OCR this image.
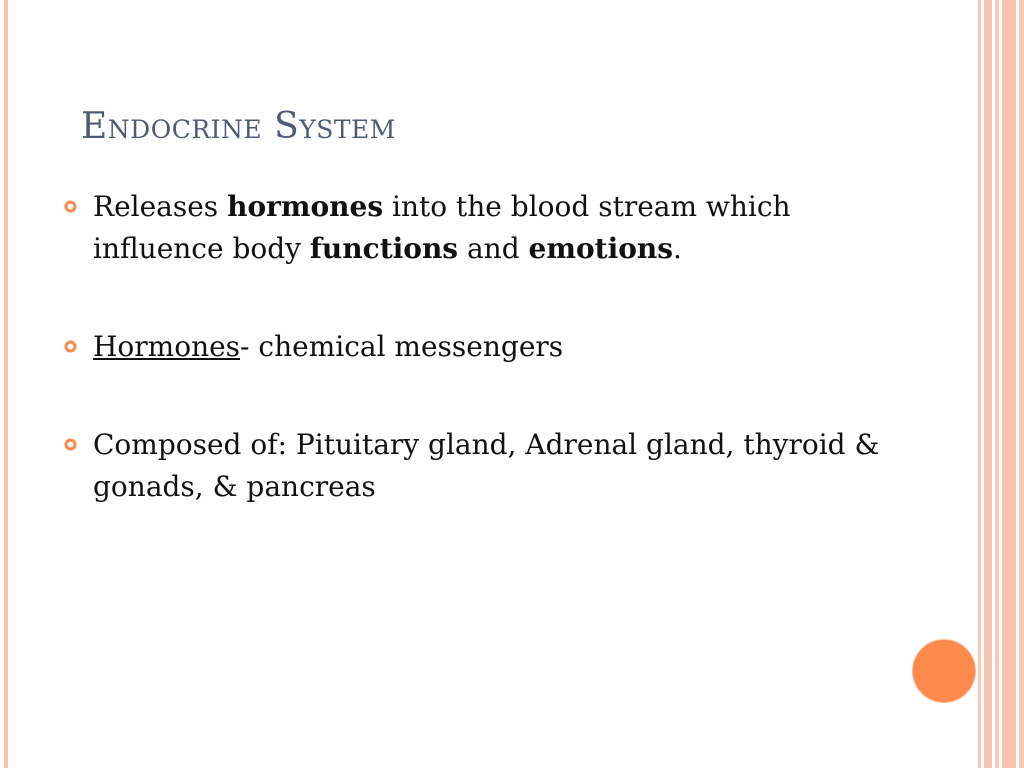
Endocrine System
Releases hormones into the blood stream which influence body functions and emotions.
Hormones- chemical messengers
Composed of: Pituitary gland, Adrenal gland, thyroid & gonads, & pancreas
